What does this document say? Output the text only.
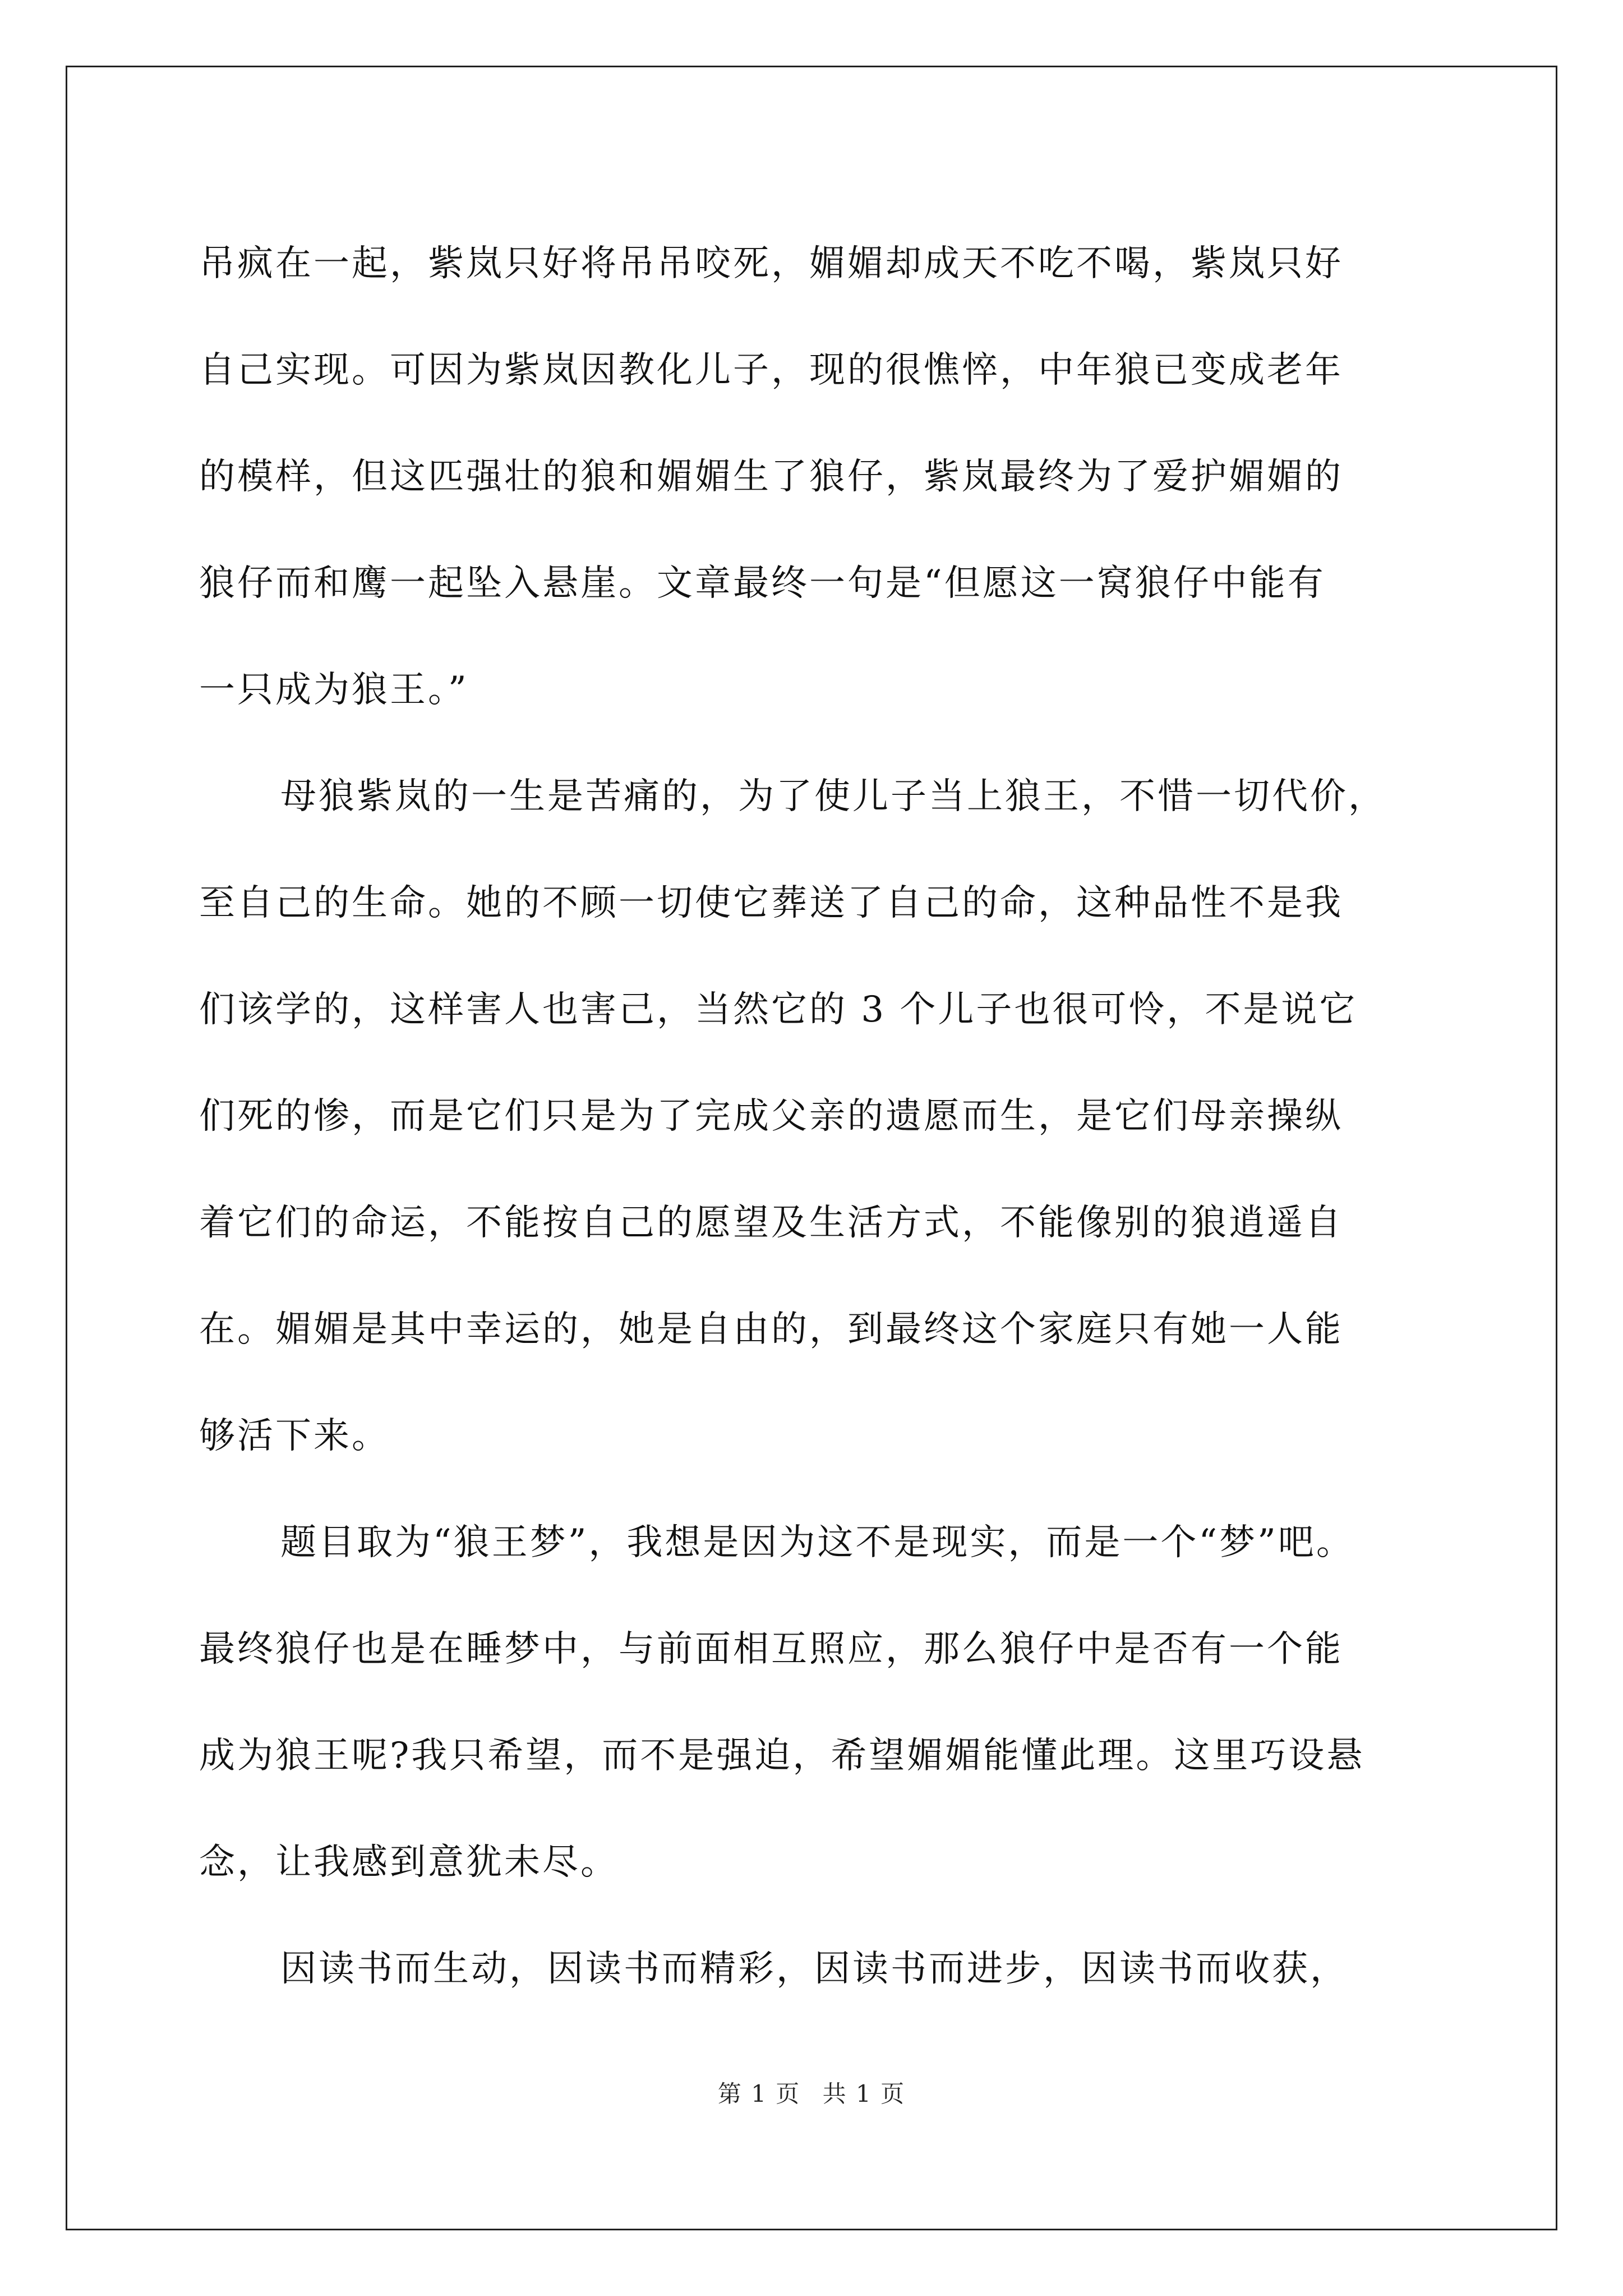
吊疯在一起，紫岚只好将吊吊咬死，媚媚却成天不吃不喝，紫岚只好
自己实现。可因为紫岚因教化儿子，现的很憔悴，中年狼已变成老年
的模样，但这匹强壮的狼和媚媚生了狼仔，紫岚最终为了爱护媚媚的
狼仔而和鹰一起坠入悬崖。文章最终一句是“但愿这一窝狼仔中能有
一只成为狼王。”
母狼紫岚的一生是苦痛的，为了使儿子当上狼王，不惜一切代价，
至自己的生命。她的不顾一切使它葬送了自己的命，这种品性不是我
们该学的，这样害人也害己，当然它的 3 个儿子也很可怜，不是说它
们死的惨，而是它们只是为了完成父亲的遗愿而生，是它们母亲操纵
着它们的命运，不能按自己的愿望及生活方式，不能像别的狼逍遥自
在。媚媚是其中幸运的，她是自由的，到最终这个家庭只有她一人能
够活下来。
题目取为“狼王梦”，我想是因为这不是现实，而是一个“梦”吧。
最终狼仔也是在睡梦中，与前面相互照应，那么狼仔中是否有一个能
成为狼王呢?我只希望，而不是强迫，希望媚媚能懂此理。这里巧设悬
念，让我感到意犹未尽。
因读书而生动，因读书而精彩，因读书而进步，因读书而收获，
第 1 页 共 1 页
